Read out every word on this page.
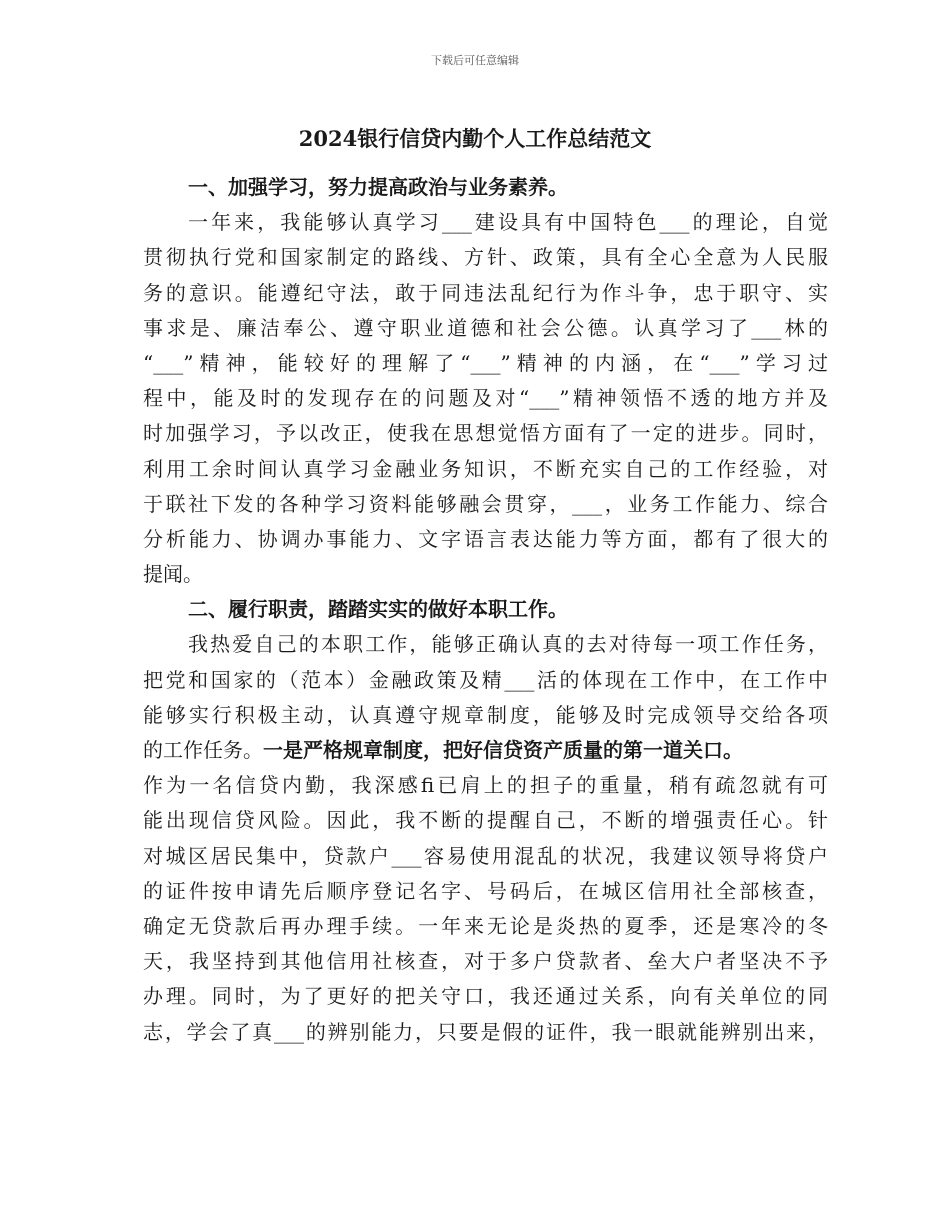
下载后可任意编辑
2024银行信贷内勤个人工作总结范文
一、加强学习，努力提高政治与业务素养。
一年来，我能够认真学习___建设具有中国特色___的理论，自觉
贯彻执行党和国家制定的路线、方针、政策，具有全心全意为人民服
务的意识。能遵纪守法，敢于同违法乱纪行为作斗争，忠于职守、实
事求是、廉洁奉公、遵守职业道德和社会公德。认真学习了___林的
“___”精神，能较好的理解了“___”精神的内涵，在“___”学习过
程中，能及时的发现存在的问题及对“___”精神领悟不透的地方并及
时加强学习，予以改正，使我在思想觉悟方面有了一定的进步。同时，
利用工余时间认真学习金融业务知识，不断充实自己的工作经验，对
于联社下发的各种学习资料能够融会贯穿，___，业务工作能力、综合
分析能力、协调办事能力、文字语言表达能力等方面，都有了很大的
提闻。
二、履行职责，踏踏实实的做好本职工作。
我热爱自己的本职工作，能够正确认真的去对待每一项工作任务，
把党和国家的（范本）金融政策及精___活的体现在工作中，在工作中
能够实行积极主动，认真遵守规章制度，能够及时完成领导交给各项
的工作任务。一是严格规章制度，把好信贷资产质量的第一道关口。
作为一名信贷内勤，我深感fi已肩上的担子的重量，稍有疏忽就有可
能出现信贷风险。因此，我不断的提醒自己，不断的增强责任心。针
对城区居民集中，贷款户___容易使用混乱的状况，我建议领导将贷户
的证件按申请先后顺序登记名字、号码后，在城区信用社全部核查，
确定无贷款后再办理手续。一年来无论是炎热的夏季，还是寒冷的冬
天，我坚持到其他信用社核查，对于多户贷款者、垒大户者坚决不予
办理。同时，为了更好的把关守口，我还通过关系，向有关单位的同
志，学会了真___的辨别能力，只要是假的证件，我一眼就能辨别出来，
